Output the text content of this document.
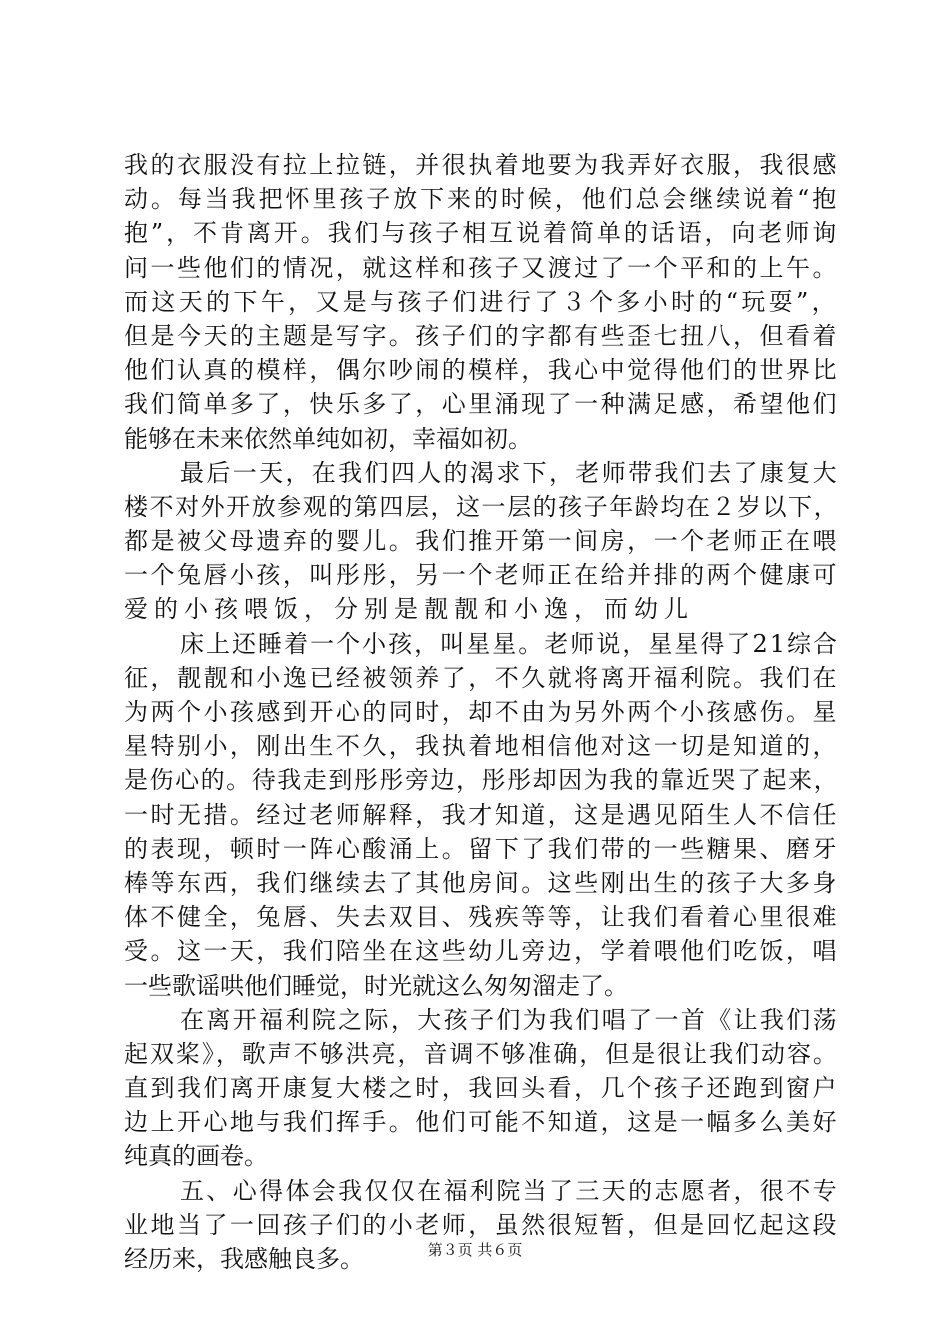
我的衣服没有拉上拉链，并很执着地要为我弄好衣服，我很感
动。每当我把怀里孩子放下来的时候，他们总会继续说着“抱
抱”，不肯离开。我们与孩子相互说着简单的话语，向老师询
问一些他们的情况，就这样和孩子又渡过了一个平和的上午。
而这天的下午，又是与孩子们进行了３个多小时的“玩耍”，
但是今天的主题是写字。孩子们的字都有些歪七扭八，但看着
他们认真的模样，偶尔吵闹的模样，我心中觉得他们的世界比
我们简单多了，快乐多了，心里涌现了一种满足感，希望他们
能够在未来依然单纯如初，幸福如初。
最后一天，在我们四人的渴求下，老师带我们去了康复大
楼不对外开放参观的第四层，这一层的孩子年龄均在２岁以下，
都是被父母遗弃的婴儿。我们推开第一间房，一个老师正在喂
一个兔唇小孩，叫彤彤，另一个老师正在给并排的两个健康可
爱的小孩喂饭，分别是靓靓和小逸，而幼儿
床上还睡着一个小孩，叫星星。老师说，星星得了21综合
征，靓靓和小逸已经被领养了，不久就将离开福利院。我们在
为两个小孩感到开心的同时，却不由为另外两个小孩感伤。星
星特别小，刚出生不久，我执着地相信他对这一切是知道的，
是伤心的。待我走到彤彤旁边，彤彤却因为我的靠近哭了起来，
一时无措。经过老师解释，我才知道，这是遇见陌生人不信任
的表现，顿时一阵心酸涌上。留下了我们带的一些糖果、磨牙
棒等东西，我们继续去了其他房间。这些刚出生的孩子大多身
体不健全，兔唇、失去双目、残疾等等，让我们看着心里很难
受。这一天，我们陪坐在这些幼儿旁边，学着喂他们吃饭，唱
一些歌谣哄他们睡觉，时光就这么匆匆溜走了。
在离开福利院之际，大孩子们为我们唱了一首《让我们荡
起双桨》，歌声不够洪亮，音调不够准确，但是很让我们动容。
直到我们离开康复大楼之时，我回头看，几个孩子还跑到窗户
边上开心地与我们挥手。他们可能不知道，这是一幅多么美好
纯真的画卷。
五、心得体会我仅仅在福利院当了三天的志愿者，很不专
业地当了一回孩子们的小老师，虽然很短暂，但是回忆起这段
经历来，我感触良多。	第３页 共６页
